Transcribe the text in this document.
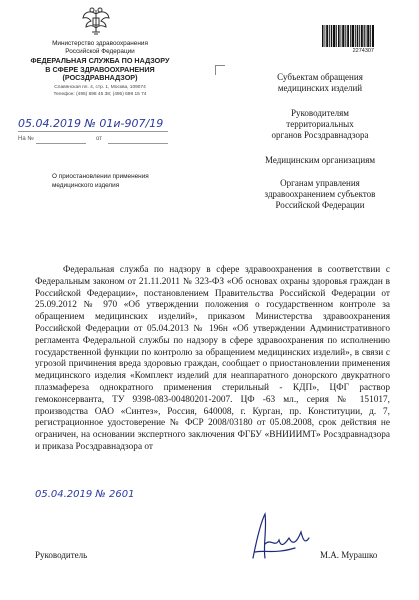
Министерство здравоохранения
Российской Федерации
ФЕДЕРАЛЬНАЯ СЛУЖБА ПО НАДЗОРУ
В СФЕРЕ ЗДРАВООХРАНЕНИЯ
(РОСЗДРАВНАДЗОР)
Славянская пл. 4, стр. 1, Москва, 109074
Телефон: (495) 698 45 38; (495) 698 15 74
05.04.2019 № 01и-907/19
На №	от
О приостановлении применения
медицинского изделия
2274307
Субъектам обращения
медицинских изделий
Руководителям
территориальных
органов Росздравнадзора
Медицинским организациям
Органам управления
здравоохранением субъектов
Российской Федерации

Федеральная служба по надзору в сфере здравоохранения в соответствии с Федеральным законом от 21.11.2011 № 323-ФЗ «Об основах охраны здоровья граждан в Российской Федерации», постановлением Правительства Российской Федерации от 25.09.2012 № 970 «Об утверждении положения о государственном контроле за обращением медицинских изделий», приказом Министерства здравоохранения Российской Федерации от 05.04.2013 № 196н «Об утверждении Административного регламента Федеральной службы по надзору в сфере здравоохранения по исполнению государственной функции по контролю за обращением медицинских изделий», в связи с угрозой причинения вреда здоровью граждан, сообщает о приостановлении применения медицинского изделия «Комплект изделий для неаппаратного донорского двукратного плазмафереза однократного применения стерильный - КДП», ЦФГ раствор гемоконсерванта, ТУ 9398-083-00480201-2007. ЦФ -63 мл., серия № 151017, производства ОАО «Синтез», Россия, 640008, г. Курган, пр. Конституции, д. 7, регистрационное удостоверение № ФСР 2008/03180 от 05.08.2008, срок действия не ограничен, на основании экспертного заключения ФГБУ «ВНИИИМТ» Росздравнадзора и приказа Росздравнадзора от

05.04.2019 № 2601
Руководитель	М.А. Мурашко
